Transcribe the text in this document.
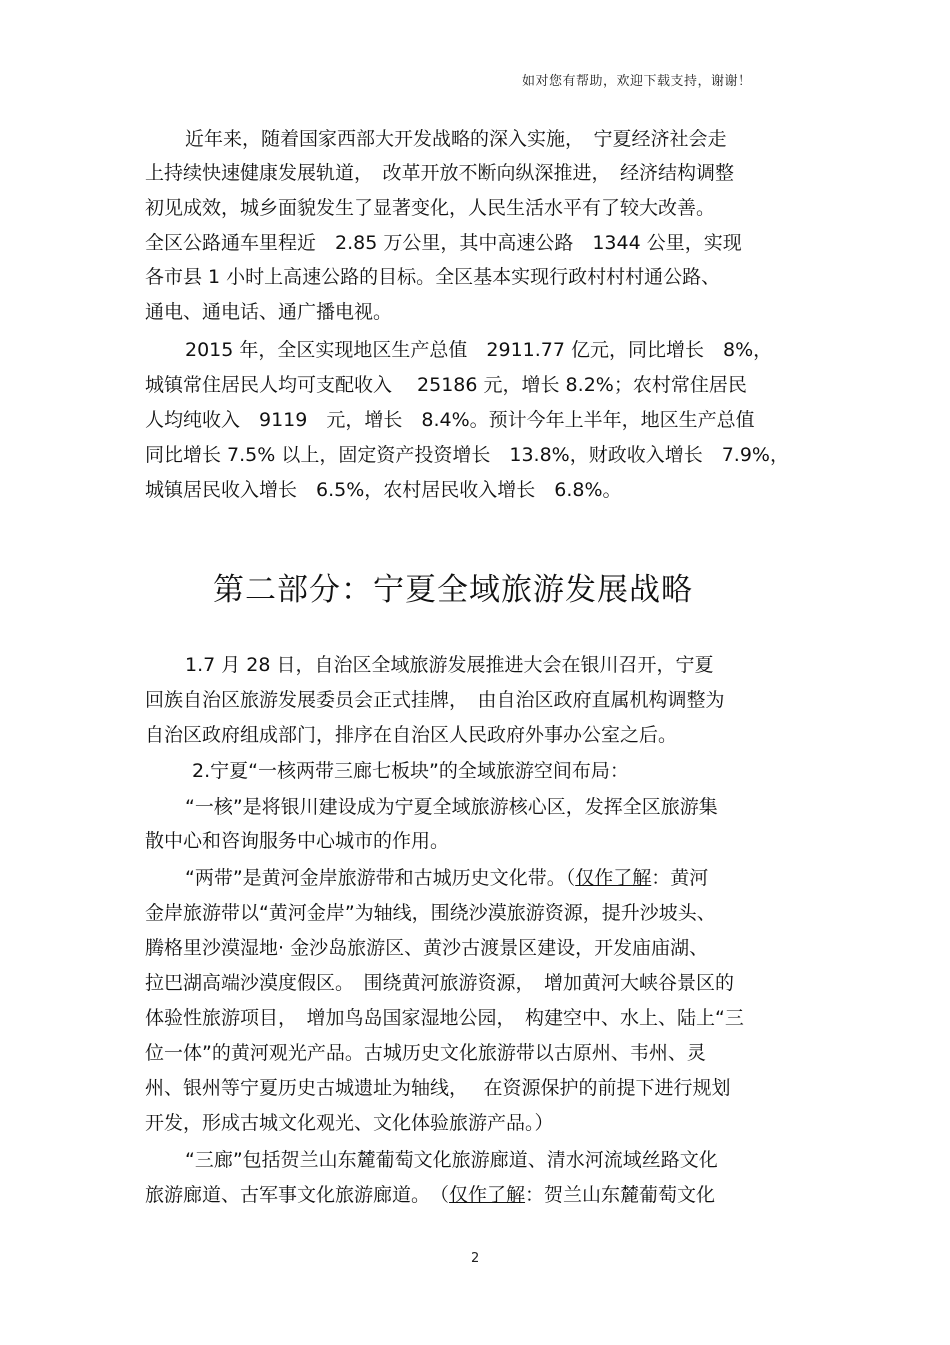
如对您有帮助，欢迎下载支持，谢谢！
近年来，随着国家西部大开发战略的深入实施，　宁夏经济社会走
上持续快速健康发展轨道，　改革开放不断向纵深推进，　经济结构调整
初见成效，城乡面貌发生了显著变化，人民生活水平有了较大改善。
全区公路通车里程近　2.85 万公里，其中高速公路　1344 公里，实现
各市县 1 小时上高速公路的目标。全区基本实现行政村村村通公路、
通电、通电话、通广播电视。
2015 年，全区实现地区生产总值　2911.77 亿元，同比增长　8%，
城镇常住居民人均可支配收入　 25186 元，增长 8.2%；农村常住居民
人均纯收入　9119　元，增长　8.4%。预计今年上半年，地区生产总值
同比增长 7.5% 以上，固定资产投资增长　13.8%，财政收入增长　7.9%，
城镇居民收入增长　6.5%，农村居民收入增长　6.8%。
第二部分：宁夏全域旅游发展战略
1.7 月 28 日，自治区全域旅游发展推进大会在银川召开，宁夏
回族自治区旅游发展委员会正式挂牌，　由自治区政府直属机构调整为
自治区政府组成部门，排序在自治区人民政府外事办公室之后。
2.宁夏“一核两带三廊七板块”的全域旅游空间布局：
“一核”是将银川建设成为宁夏全域旅游核心区，发挥全区旅游集
散中心和咨询服务中心城市的作用。
“两带”是黄河金岸旅游带和古城历史文化带。（仅作了解：黄河
金岸旅游带以“黄河金岸”为轴线，围绕沙漠旅游资源，提升沙坡头、
腾格里沙漠湿地· 金沙岛旅游区、黄沙古渡景区建设，开发庙庙湖、
拉巴湖高端沙漠度假区。　围绕黄河旅游资源，　增加黄河大峡谷景区的
体验性旅游项目，　增加鸟岛国家湿地公园，　构建空中、水上、陆上“三
位一体”的黄河观光产品。古城历史文化旅游带以古原州、韦州、灵
州、银州等宁夏历史古城遗址为轴线，　 在资源保护的前提下进行规划
开发，形成古城文化观光、文化体验旅游产品。）
“三廊”包括贺兰山东麓葡萄文化旅游廊道、清水河流域丝路文化
旅游廊道、古军事文化旅游廊道。　（仅作了解：贺兰山东麓葡萄文化
2
